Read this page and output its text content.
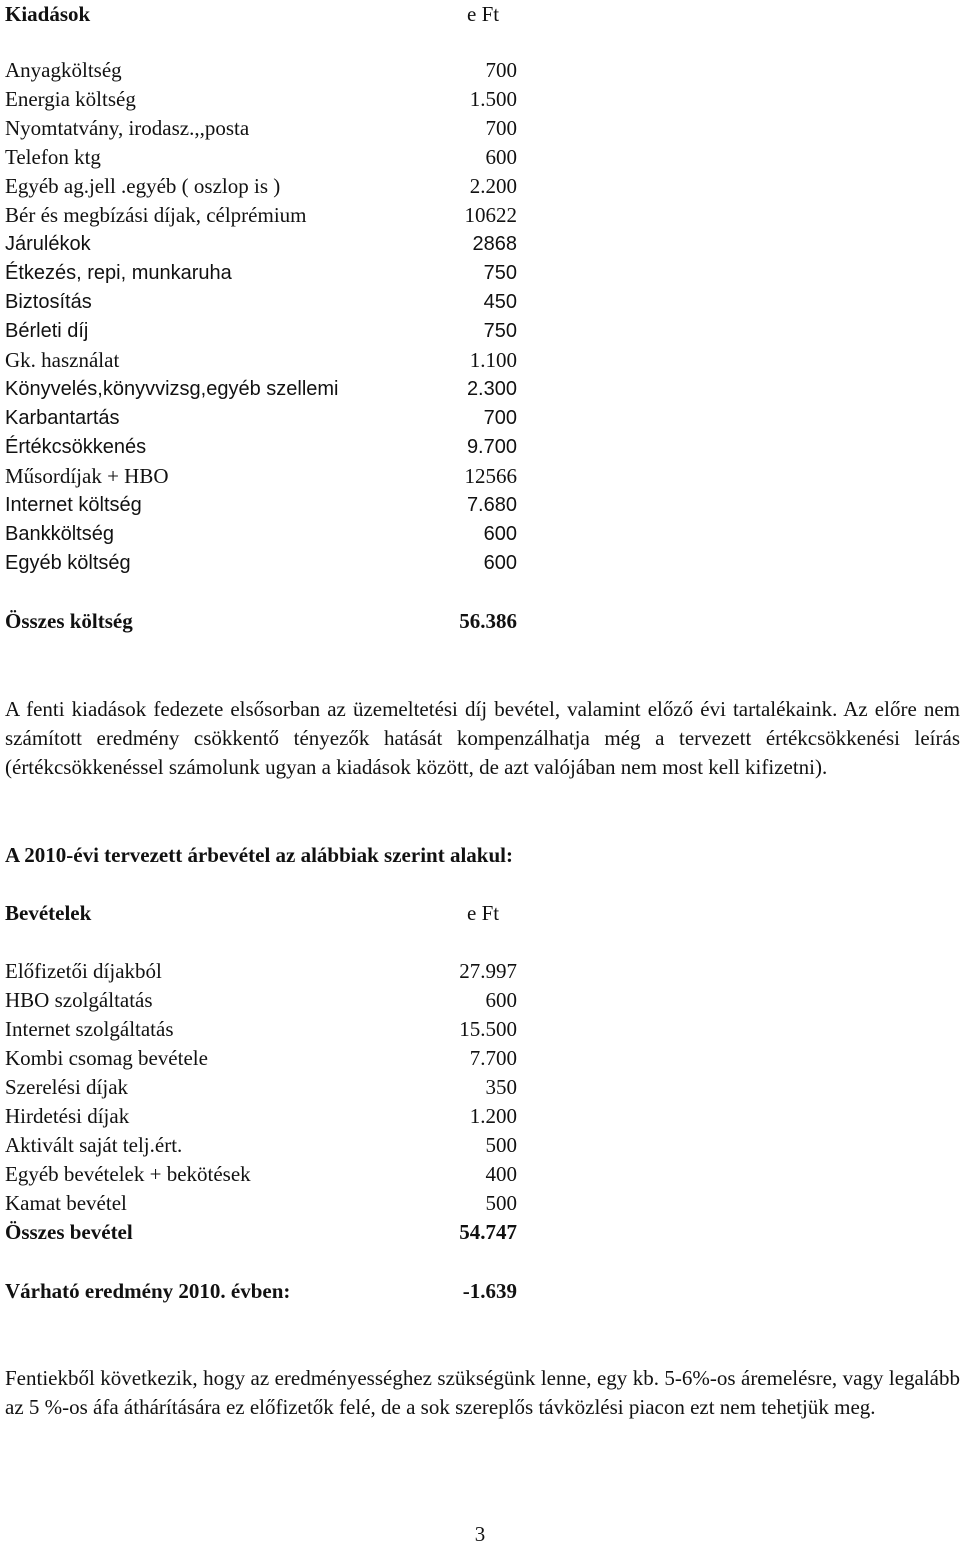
Kiadások	e Ft
Anyagköltség	700
Energia költség	1.500
Nyomtatvány, irodasz.,,posta	700
Telefon ktg	600
Egyéb ag.jell .egyéb ( oszlop is )	2.200
Bér és megbízási díjak, célprémium	10622
Járulékok	2868
Étkezés, repi, munkaruha	750
Biztosítás	450
Bérleti díj	750
Gk. használat	1.100
Könyvelés,könyvvizsg,egyéb szellemi	2.300
Karbantartás	700
Értékcsökkenés	9.700
Műsordíjak + HBO	12566
Internet költség	7.680
Bankköltség	600
Egyéb költség	600
Összes költség	56.386

A fenti kiadások fedezete elsősorban az üzemeltetési díj bevétel, valamint előző évi tartalékaink. Az előre nem számított eredmény csökkentő tényezők hatását kompenzálhatja még a tervezett értékcsökkenési leírás (értékcsökkenéssel számolunk ugyan a kiadások között, de azt valójában nem most kell kifizetni).

A 2010-évi tervezett árbevétel az alábbiak szerint alakul:
Bevételek	e Ft
Előfizetői díjakból	27.997
HBO szolgáltatás	600
Internet szolgáltatás	15.500
Kombi csomag bevétele	7.700
Szerelési díjak	350
Hirdetési díjak	1.200
Aktivált saját telj.ért.	500
Egyéb bevételek + bekötések	400
Kamat bevétel	500
Összes bevétel	54.747
Várható eredmény 2010. évben:	-1.639

Fentiekből következik, hogy az eredményességhez szükségünk lenne, egy kb. 5-6%-os áremelésre, vagy legalább az 5 %-os áfa áthárítására ez előfizetők felé, de a sok szereplős távközlési piacon ezt nem tehetjük meg.

3
